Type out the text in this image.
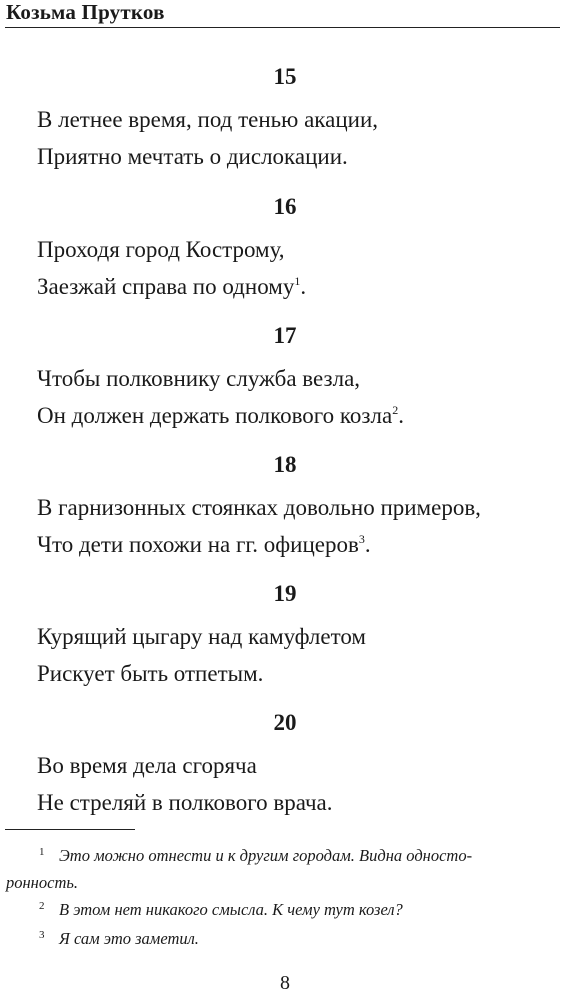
Козьма Прутков
15
В летнее время, под тенью акации,
Приятно мечтать о дислокации.
16
Проходя город Кострому,
Заезжай справа по одному$^1$.
17
Чтобы полковнику служба везла,
Он должен держать полкового козла$^2$.
18
В гарнизонных стоянках довольно примеров,
Что дети похожи на гг. офицеров$^3$.
19
Курящий цыгару над камуфлетом
Рискует быть отпетым.
20
Во время дела сгоряча
Не стреляй в полкового врача.
1 Это можно отнести и к другим городам. Видна односто-
ронность.
2 В этом нет никакого смысла. К чему тут козел?
3 Я сам это заметил.
8
